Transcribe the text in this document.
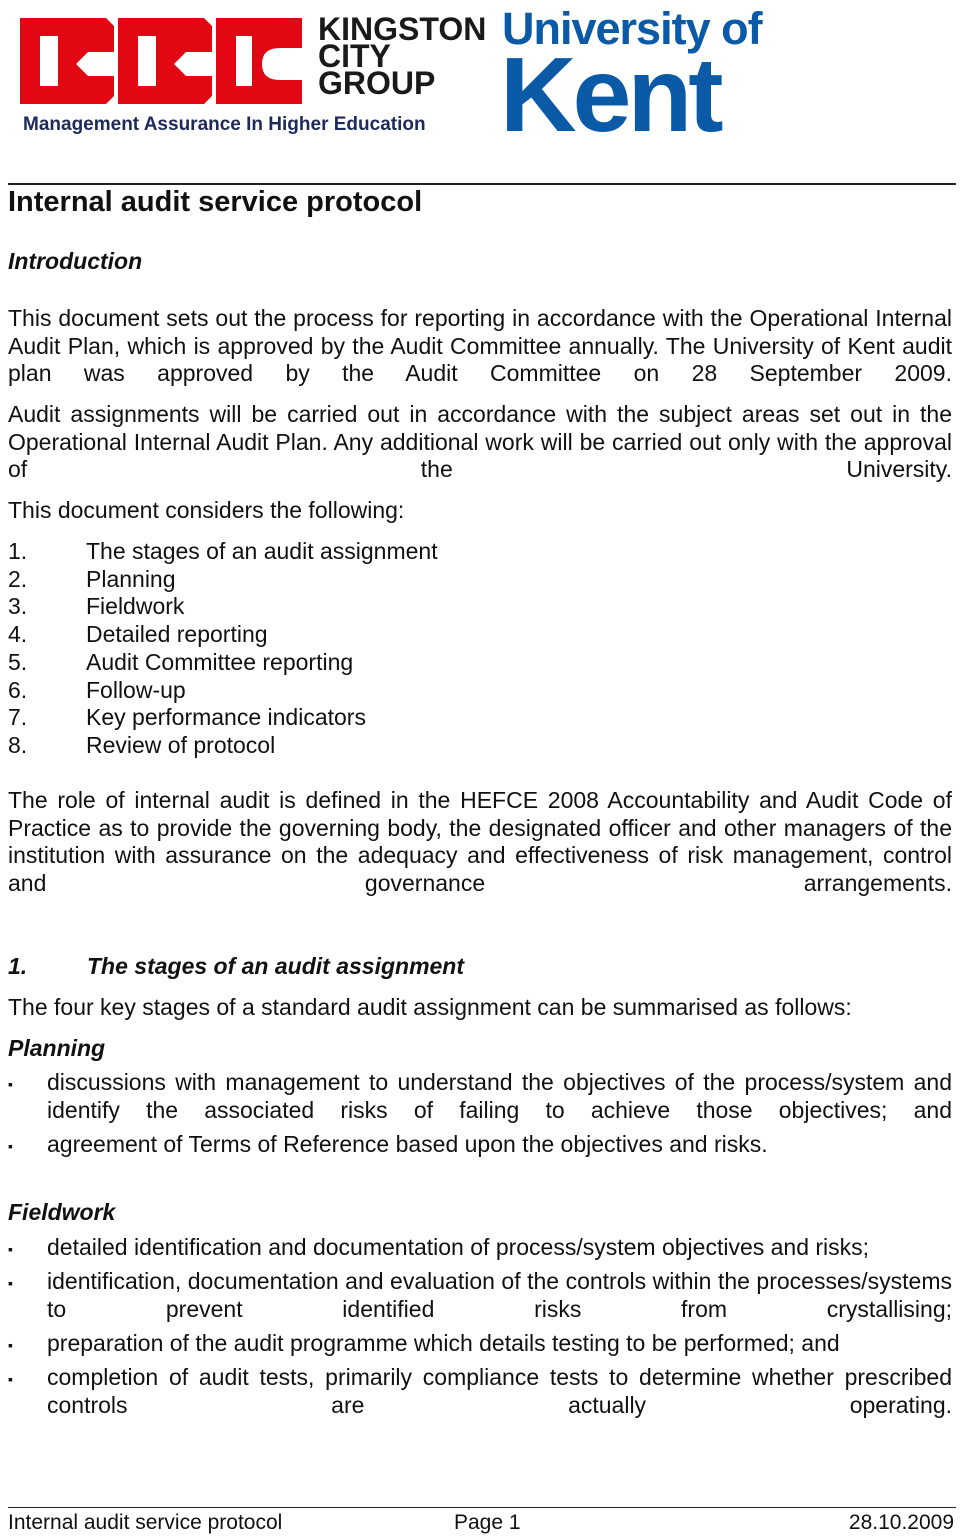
KINGSTON
CITY
GROUP
Management Assurance In Higher Education
University of
Kent
Internal audit service protocol
Introduction
This document sets out the process for reporting in accordance with the Operational Internal Audit Plan, which is approved by the Audit Committee annually. The University of Kent audit plan was approved by the Audit Committee on 28 September 2009.
Audit assignments will be carried out in accordance with the subject areas set out in the Operational Internal Audit Plan. Any additional work will be carried out only with the approval of the University.
This document considers the following:
1.	The stages of an audit assignment
2.	Planning
3.	Fieldwork
4.	Detailed reporting
5.	Audit Committee reporting
6.	Follow-up
7.	Key performance indicators
8.	Review of protocol
The role of internal audit is defined in the HEFCE 2008 Accountability and Audit Code of Practice as to provide the governing body, the designated officer and other managers of the institution with assurance on the adequacy and effectiveness of risk management, control and governance arrangements.
1.	The stages of an audit assignment
The four key stages of a standard audit assignment can be summarised as follows:
Planning
▪ discussions with management to understand the objectives of the process/system and identify the associated risks of failing to achieve those objectives; and
▪ agreement of Terms of Reference based upon the objectives and risks.
Fieldwork
▪ detailed identification and documentation of process/system objectives and risks;
▪ identification, documentation and evaluation of the controls within the processes/systems to prevent identified risks from crystallising;
▪ preparation of the audit programme which details testing to be performed; and
▪ completion of audit tests, primarily compliance tests to determine whether prescribed controls are actually operating.
Internal audit service protocol	Page 1	28.10.2009
